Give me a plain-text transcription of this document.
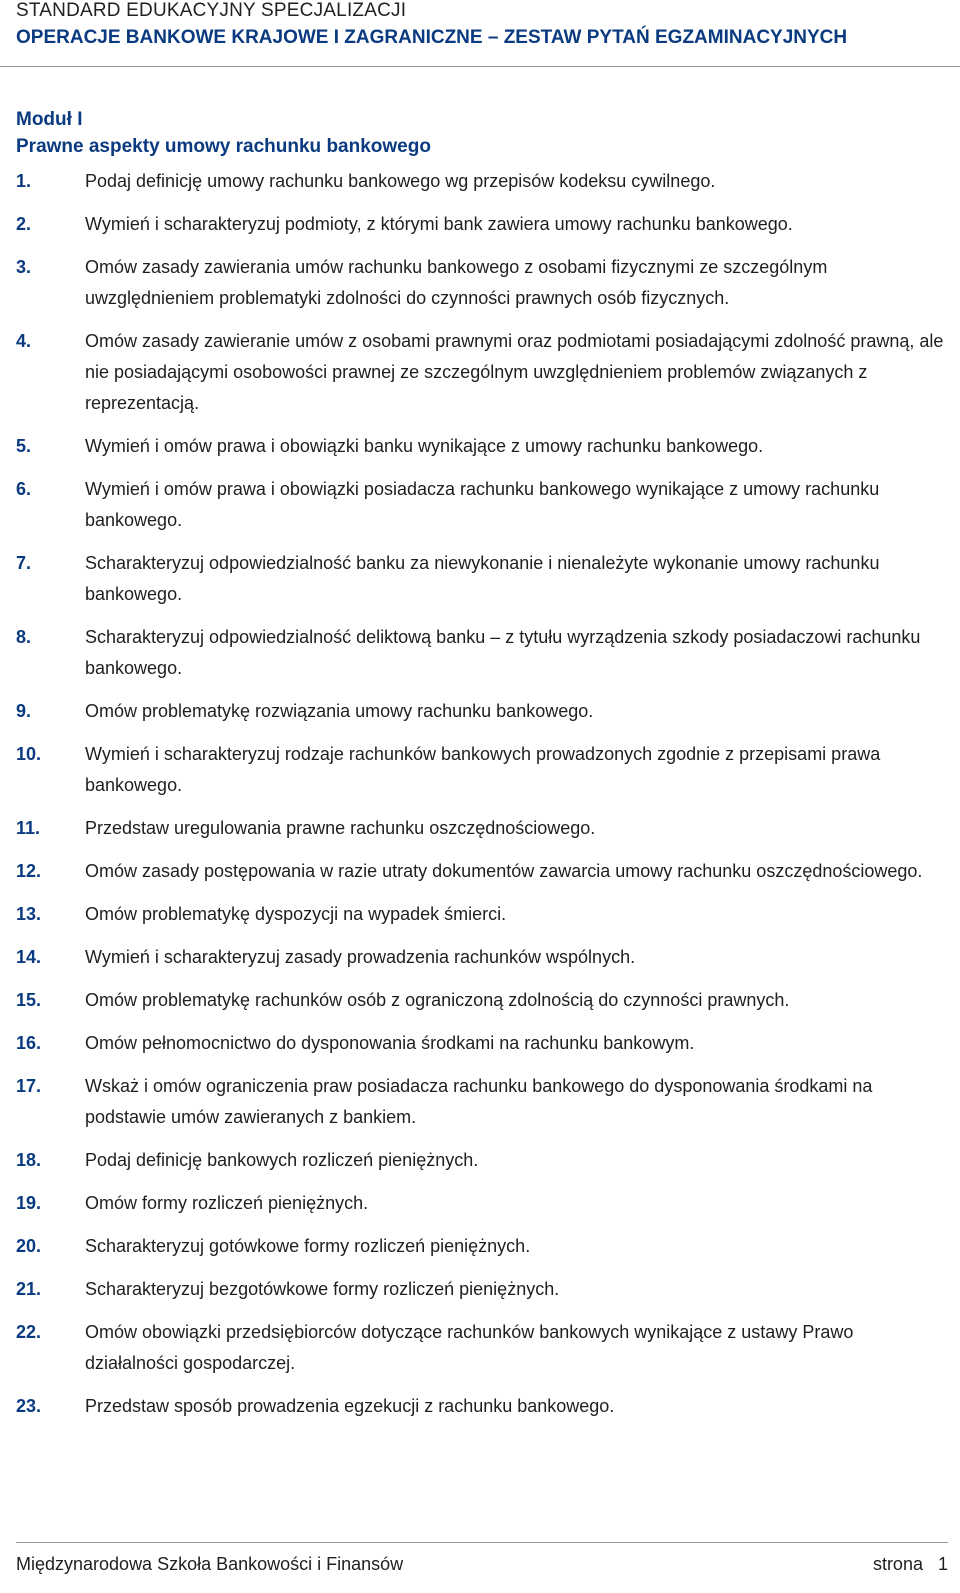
STANDARD EDUKACYJNY SPECJALIZACJI
OPERACJE BANKOWE KRAJOWE I ZAGRANICZNE – ZESTAW PYTAŃ EGZAMINACYJNYCH
Moduł I
Prawne aspekty umowy rachunku bankowego
1.	Podaj definicję umowy rachunku bankowego wg przepisów kodeksu cywilnego.
2.	Wymień i scharakteryzuj podmioty, z którymi bank zawiera umowy rachunku bankowego.
3.	Omów zasady zawierania umów rachunku bankowego z osobami fizycznymi ze szczególnym uwzględnieniem problematyki zdolności do czynności prawnych osób fizycznych.
4.	Omów zasady zawieranie umów z osobami prawnymi oraz podmiotami posiadającymi zdolność prawną, ale nie posiadającymi osobowości prawnej ze szczególnym uwzględnieniem problemów związanych z reprezentacją.
5.	Wymień i omów prawa i obowiązki banku wynikające z umowy rachunku bankowego.
6.	Wymień i omów prawa i obowiązki posiadacza rachunku bankowego wynikające z umowy rachunku bankowego.
7.	Scharakteryzuj odpowiedzialność banku za niewykonanie i nienależyte wykonanie umowy rachunku bankowego.
8.	Scharakteryzuj odpowiedzialność deliktową banku – z tytułu wyrządzenia szkody posiadaczowi rachunku bankowego.
9.	Omów problematykę rozwiązania umowy rachunku bankowego.
10.	Wymień i scharakteryzuj rodzaje rachunków bankowych prowadzonych zgodnie z przepisami prawa bankowego.
11.	Przedstaw uregulowania prawne rachunku oszczędnościowego.
12.	Omów zasady postępowania w razie utraty dokumentów zawarcia umowy rachunku oszczędnościowego.
13.	Omów problematykę dyspozycji na wypadek śmierci.
14.	Wymień i scharakteryzuj zasady prowadzenia rachunków wspólnych.
15.	Omów problematykę rachunków osób z ograniczoną zdolnością do czynności prawnych.
16.	Omów pełnomocnictwo do dysponowania środkami na rachunku bankowym.
17.	Wskaż i omów ograniczenia praw posiadacza rachunku bankowego do dysponowania środkami na podstawie umów zawieranych z bankiem.
18.	Podaj definicję bankowych rozliczeń pieniężnych.
19.	Omów formy rozliczeń pieniężnych.
20.	Scharakteryzuj gotówkowe formy rozliczeń pieniężnych.
21.	Scharakteryzuj bezgotówkowe formy rozliczeń pieniężnych.
22.	Omów obowiązki przedsiębiorców dotyczące rachunków bankowych wynikające z ustawy Prawo działalności gospodarczej.
23.	Przedstaw sposób prowadzenia egzekucji z rachunku bankowego.
Międzynarodowa Szkoła Bankowości i Finansów	strona 1
